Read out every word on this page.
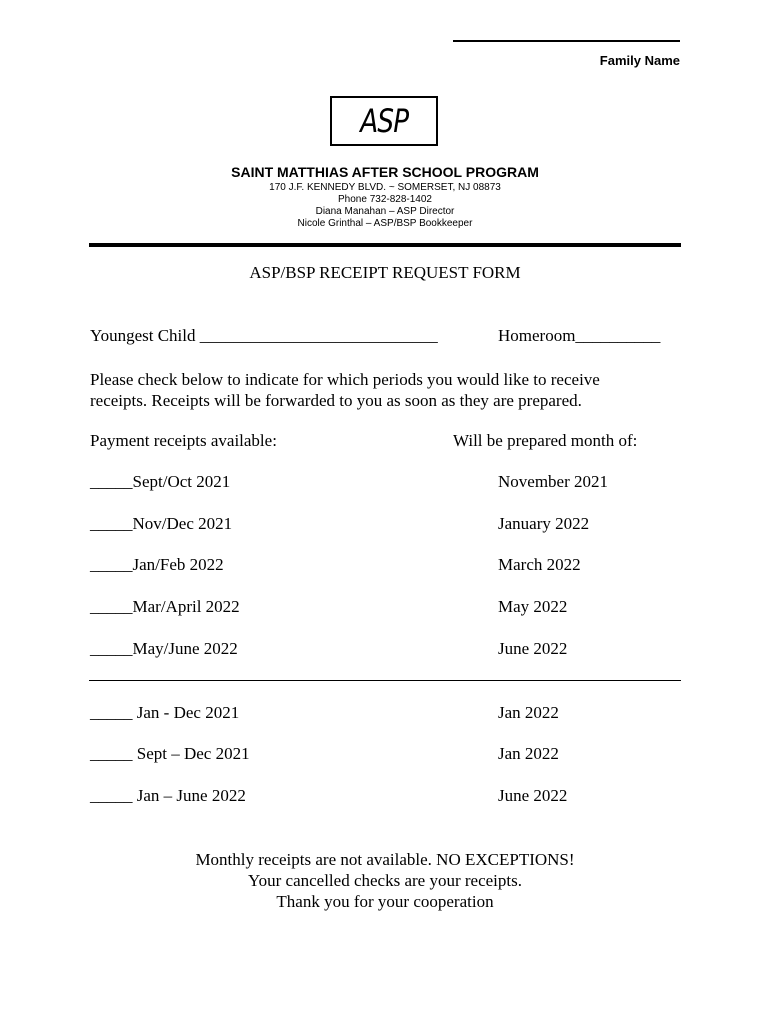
Family Name
ASP
SAINT MATTHIAS AFTER SCHOOL PROGRAM
170 J.F. KENNEDY BLVD. ~ SOMERSET, NJ 08873
Phone 732-828-1402
Diana Manahan – ASP Director
Nicole Grinthal – ASP/BSP Bookkeeper
ASP/BSP RECEIPT REQUEST FORM
Youngest Child ____________________________	Homeroom__________
Please check below to indicate for which periods you would like to receive
receipts. Receipts will be forwarded to you as soon as they are prepared.
Payment receipts available:	Will be prepared month of:
_____Sept/Oct 2021	November 2021
_____Nov/Dec 2021	January 2022
_____Jan/Feb 2022	March 2022
_____Mar/April 2022	May 2022
_____May/June 2022	June 2022
_____ Jan - Dec 2021	Jan 2022
_____ Sept – Dec 2021	Jan 2022
_____ Jan – June 2022	June 2022
Monthly receipts are not available. NO EXCEPTIONS!
Your cancelled checks are your receipts.
Thank you for your cooperation
